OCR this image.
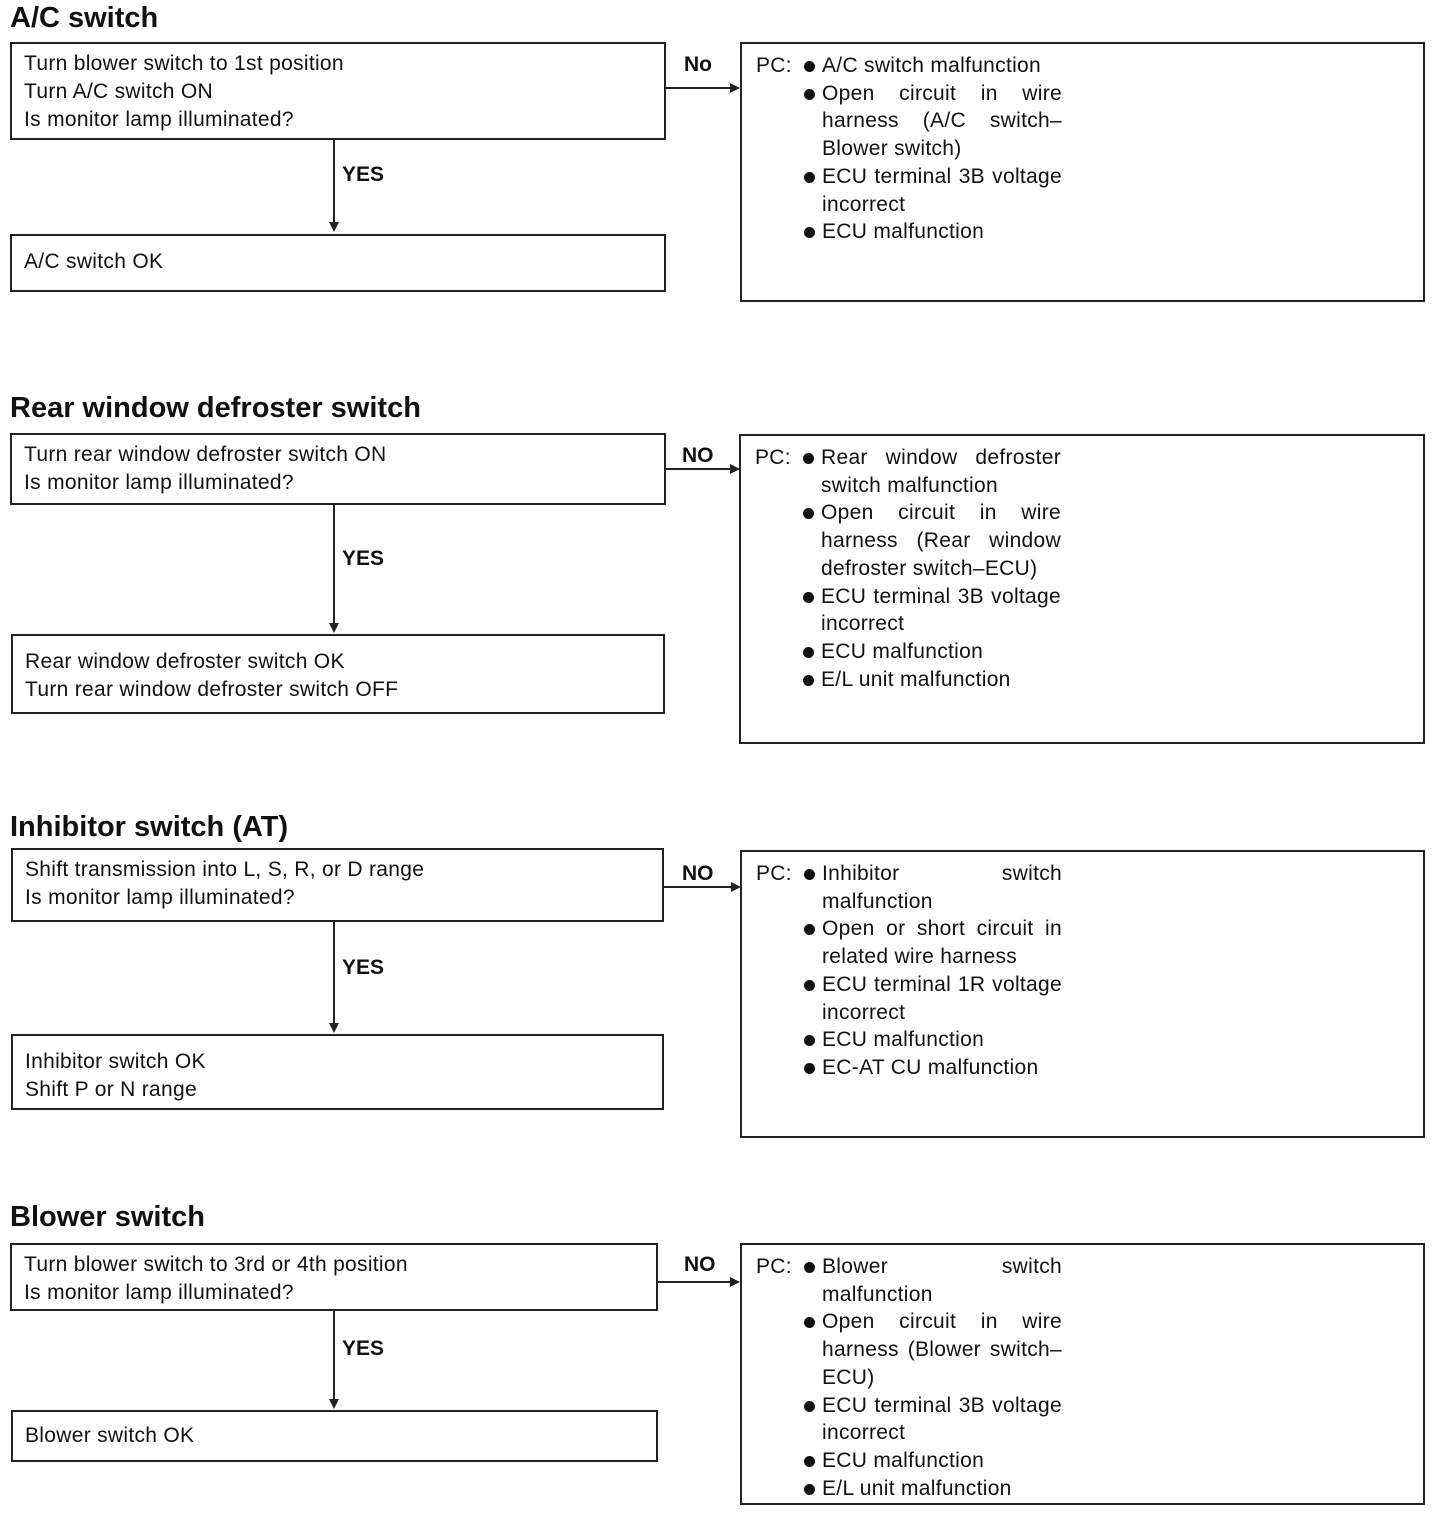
A/C switch
Turn blower switch to 1st position
Turn A/C switch ON
Is monitor lamp illuminated?
No
YES
A/C switch OK
PC:	A/C switch malfunction
Open circuit in wire harness (A/C switch–Blower switch)
ECU terminal 3B voltage incorrect
ECU malfunction
Rear window defroster switch
Turn rear window defroster switch ON
Is monitor lamp illuminated?
NO
YES
Rear window defroster switch OK
Turn rear window defroster switch OFF
PC:	Rear window defroster switch malfunction
Open circuit in wire harness (Rear window defroster switch–ECU)
ECU terminal 3B voltage incorrect
ECU malfunction
E/L unit malfunction
Inhibitor switch (AT)
Shift transmission into L, S, R, or D range
Is monitor lamp illuminated?
NO
YES
Inhibitor switch OK
Shift P or N range
PC:	Inhibitor switch malfunction
Open or short circuit in related wire harness
ECU terminal 1R voltage incorrect
ECU malfunction
EC-AT CU malfunction
Blower switch
Turn blower switch to 3rd or 4th position
Is monitor lamp illuminated?
NO
YES
Blower switch OK
PC:	Blower switch malfunction
Open circuit in wire harness (Blower switch–ECU)
ECU terminal 3B voltage incorrect
ECU malfunction
E/L unit malfunction
